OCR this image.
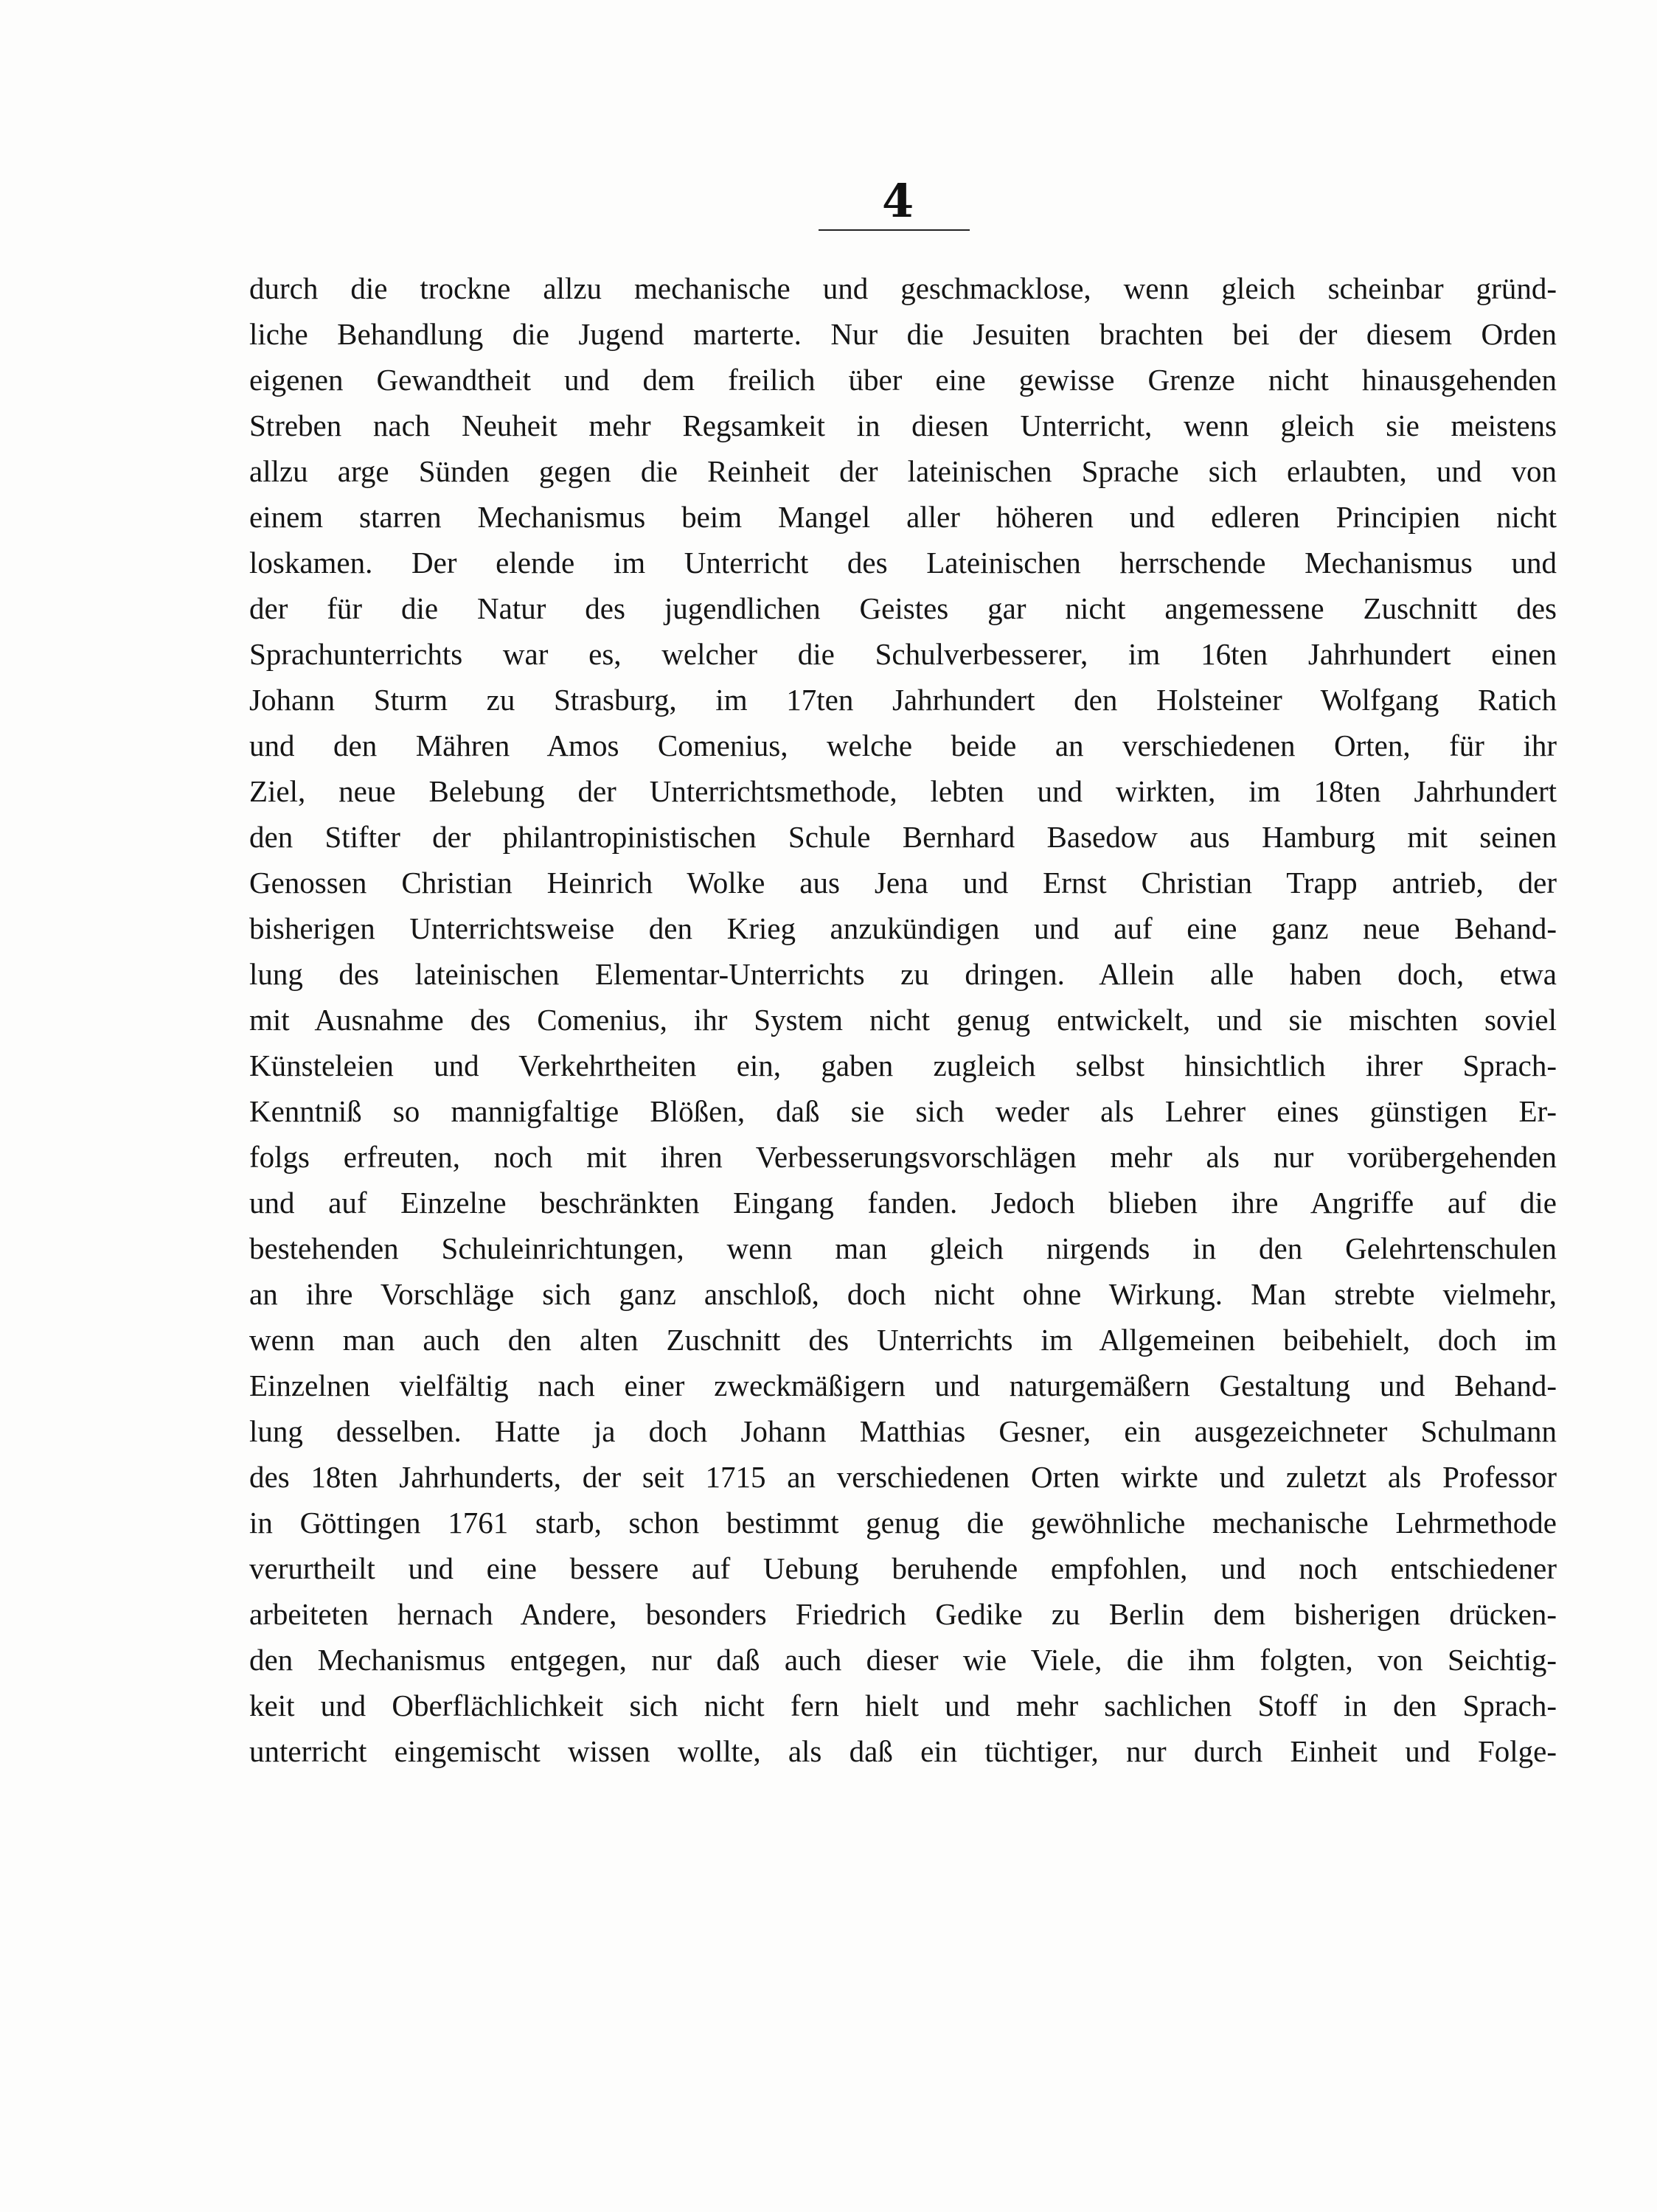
4
durch die trockne allzu mechanische und geschmacklose, wenn gleich scheinbar gründ-
liche Behandlung die Jugend marterte. Nur die Jesuiten brachten bei der diesem Orden
eigenen Gewandtheit und dem freilich über eine gewisse Grenze nicht hinausgehenden
Streben nach Neuheit mehr Regsamkeit in diesen Unterricht, wenn gleich sie meistens
allzu arge Sünden gegen die Reinheit der lateinischen Sprache sich erlaubten, und von
einem starren Mechanismus beim Mangel aller höheren und edleren Principien nicht
loskamen. Der elende im Unterricht des Lateinischen herrschende Mechanismus und
der für die Natur des jugendlichen Geistes gar nicht angemessene Zuschnitt des
Sprachunterrichts war es, welcher die Schulverbesserer, im 16ten Jahrhundert einen
Johann Sturm zu Strasburg, im 17ten Jahrhundert den Holsteiner Wolfgang Ratich
und den Mähren Amos Comenius, welche beide an verschiedenen Orten, für ihr
Ziel, neue Belebung der Unterrichtsmethode, lebten und wirkten, im 18ten Jahrhundert
den Stifter der philantropinistischen Schule Bernhard Basedow aus Hamburg mit seinen
Genossen Christian Heinrich Wolke aus Jena und Ernst Christian Trapp antrieb, der
bisherigen Unterrichtsweise den Krieg anzukündigen und auf eine ganz neue Behand-
lung des lateinischen Elementar-Unterrichts zu dringen. Allein alle haben doch, etwa
mit Ausnahme des Comenius, ihr System nicht genug entwickelt, und sie mischten soviel
Künsteleien und Verkehrtheiten ein, gaben zugleich selbst hinsichtlich ihrer Sprach-
Kenntniß so mannigfaltige Blößen, daß sie sich weder als Lehrer eines günstigen Er-
folgs erfreuten, noch mit ihren Verbesserungsvorschlägen mehr als nur vorübergehenden
und auf Einzelne beschränkten Eingang fanden. Jedoch blieben ihre Angriffe auf die
bestehenden Schuleinrichtungen, wenn man gleich nirgends in den Gelehrtenschulen
an ihre Vorschläge sich ganz anschloß, doch nicht ohne Wirkung. Man strebte vielmehr,
wenn man auch den alten Zuschnitt des Unterrichts im Allgemeinen beibehielt, doch im
Einzelnen vielfältig nach einer zweckmäßigern und naturgemäßern Gestaltung und Behand-
lung desselben. Hatte ja doch Johann Matthias Gesner, ein ausgezeichneter Schulmann
des 18ten Jahrhunderts, der seit 1715 an verschiedenen Orten wirkte und zuletzt als Professor
in Göttingen 1761 starb, schon bestimmt genug die gewöhnliche mechanische Lehrmethode
verurtheilt und eine bessere auf Uebung beruhende empfohlen, und noch entschiedener
arbeiteten hernach Andere, besonders Friedrich Gedike zu Berlin dem bisherigen drücken-
den Mechanismus entgegen, nur daß auch dieser wie Viele, die ihm folgten, von Seichtig-
keit und Oberflächlichkeit sich nicht fern hielt und mehr sachlichen Stoff in den Sprach-
unterricht eingemischt wissen wollte, als daß ein tüchtiger, nur durch Einheit und Folge-
